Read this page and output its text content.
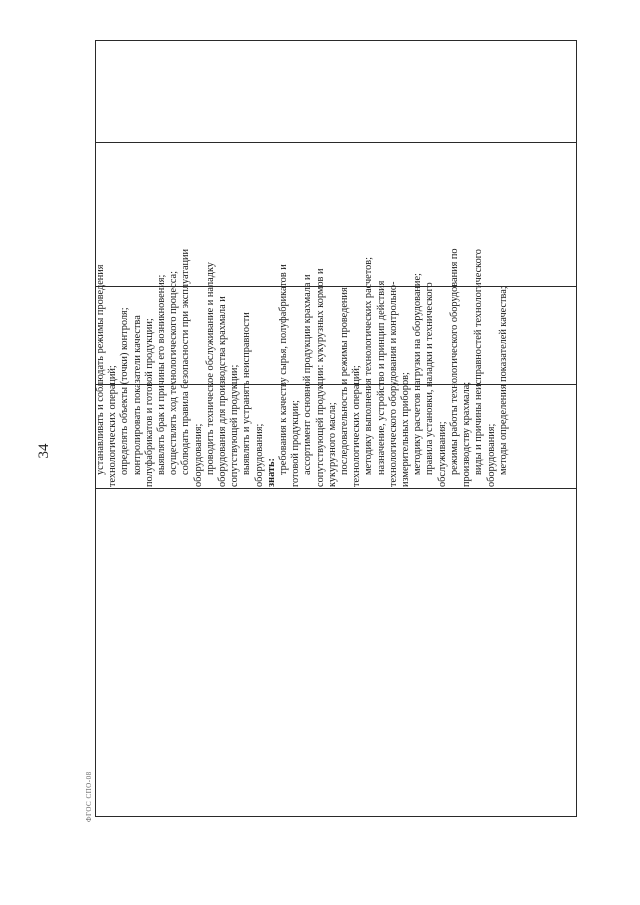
34	устанавливать и соблюдать режимы проведения технологических операций; определять объекты (точки) контроля; контролировать показатели качества полуфабрикатов и готовой продукции; выявлять брак и причины его возникновения; осуществлять ход технологического процесса; соблюдать правила безопасности при эксплуатации оборудования; проводить техническое обслуживание и наладку оборудования для производства крахмала и сопутствующей продукции; выявлять и устранять неисправности оборудования; знать: требования к качеству сырья, полуфабрикатов и готовой продукции; ассортимент основной продукции крахмала и сопутствующей продукции: кукурузных кормов и кукурузного масла; последовательность и режимы проведения технологических операций; методику выполнения технологических расчетов; назначение, устройство и принцип действия технологического оборудования и контрольно- измерительных приборов; методику расчетов нагрузки на оборудование; правила установки, наладки и технического обслуживания; режимы работы технологического оборудования по производству крахмала; виды и причины неисправностей технологического оборудования; методы определения показателей качества;
ФГОС СПО-08
